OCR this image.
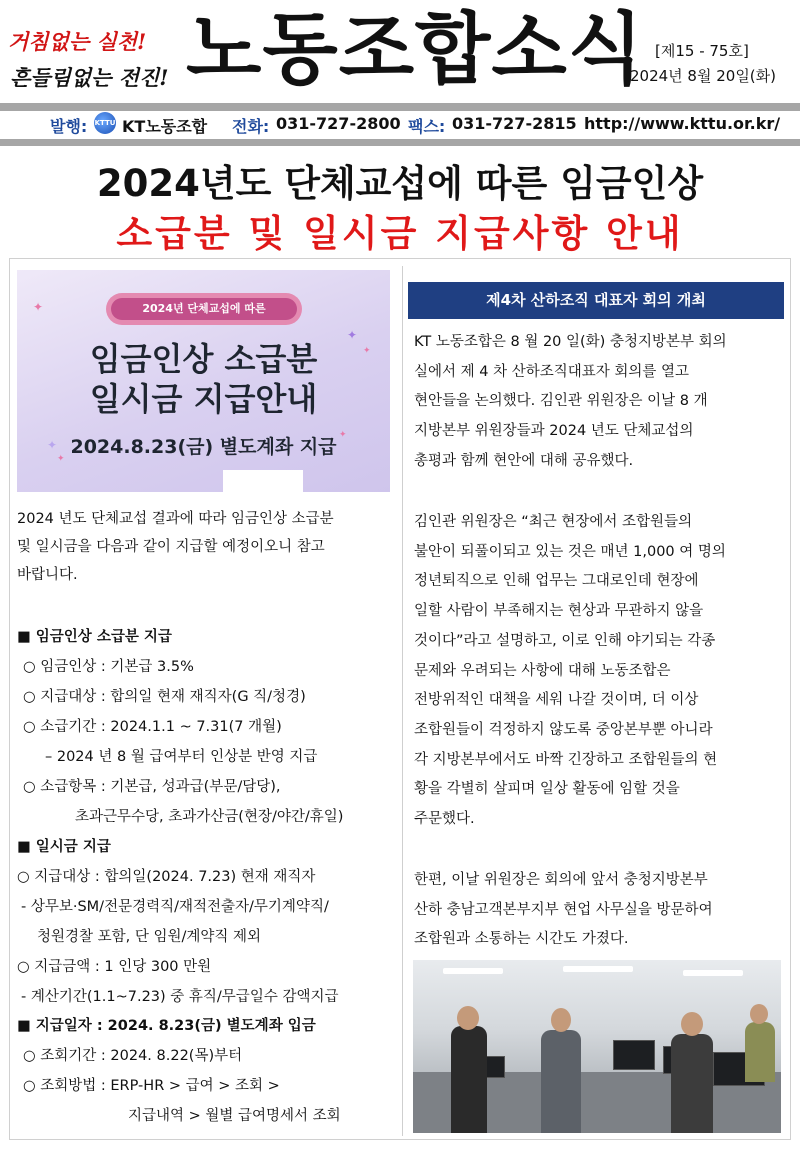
거침없는 실천!
흔들림없는 전진! 노동조합소식 [제15 - 75호]
2024년 8월 20일(화)
발행: KT노동조합 전화: 031-727-2800 팩스: 031-727-2815 http://www.kttu.or.kr/
KTTU
2024년도 단체교섭에 따른 임금인상
소급분 및 일시금 지급사항 안내
✦
✦
✦
✦
✦
✦
2024년 단체교섭에 따른
임금인상 소급분
일시금 지급안내
2024.8.23(금) 별도계좌 지급
2024 년도 단체교섭 결과에 따라 임금인상 소급분
및 일시금을 다음과 같이 지급할 예정이오니 참고
바랍니다.
■ 임금인상 소급분 지급
○ 임금인상 : 기본급 3.5%
○ 지급대상 : 합의일 현재 재직자(G 직/청경)
○ 소급기간 : 2024.1.1 ~ 7.31(7 개월)
– 2024 년 8 월 급여부터 인상분 반영 지급
○ 소급항목 : 기본급, 성과급(부문/담당),
초과근무수당, 초과가산금(현장/야간/휴일)
■ 일시금 지급
○ 지급대상 : 합의일(2024. 7.23) 현재 재직자
- 상무보·SM/전문경력직/재적전출자/무기계약직/
청원경찰 포함, 단 임원/계약직 제외
○ 지급금액 : 1 인당 300 만원
- 계산기간(1.1~7.23) 중 휴직/무급일수 감액지급
■ 지급일자 : 2024. 8.23(금) 별도계좌 입금
○ 조회기간 : 2024. 8.22(목)부터
○ 조회방법 : ERP-HR > 급여 > 조회 >
지급내역 > 월별 급여명세서 조회
제4차 산하조직 대표자 회의 개최
KT 노동조합은 8 월 20 일(화) 충청지방본부 회의
실에서 제 4 차 산하조직대표자 회의를 열고
현안들을 논의했다. 김인관 위원장은 이날 8 개
지방본부 위원장들과 2024 년도 단체교섭의
총평과 함께 현안에 대해 공유했다.
김인관 위원장은 “최근 현장에서 조합원들의
불안이 되풀이되고 있는 것은 매년 1,000 여 명의
정년퇴직으로 인해 업무는 그대로인데 현장에
일할 사람이 부족해지는 현상과 무관하지 않을
것이다”라고 설명하고, 이로 인해 야기되는 각종
문제와 우려되는 사항에 대해 노동조합은
전방위적인 대책을 세워 나갈 것이며, 더 이상
조합원들이 걱정하지 않도록 중앙본부뿐 아니라
각 지방본부에서도 바짝 긴장하고 조합원들의 현
황을 각별히 살피며 일상 활동에 임할 것을
주문했다.
한편, 이날 위원장은 회의에 앞서 충청지방본부
산하 충남고객본부지부 현업 사무실을 방문하여
조합원과 소통하는 시간도 가졌다.
